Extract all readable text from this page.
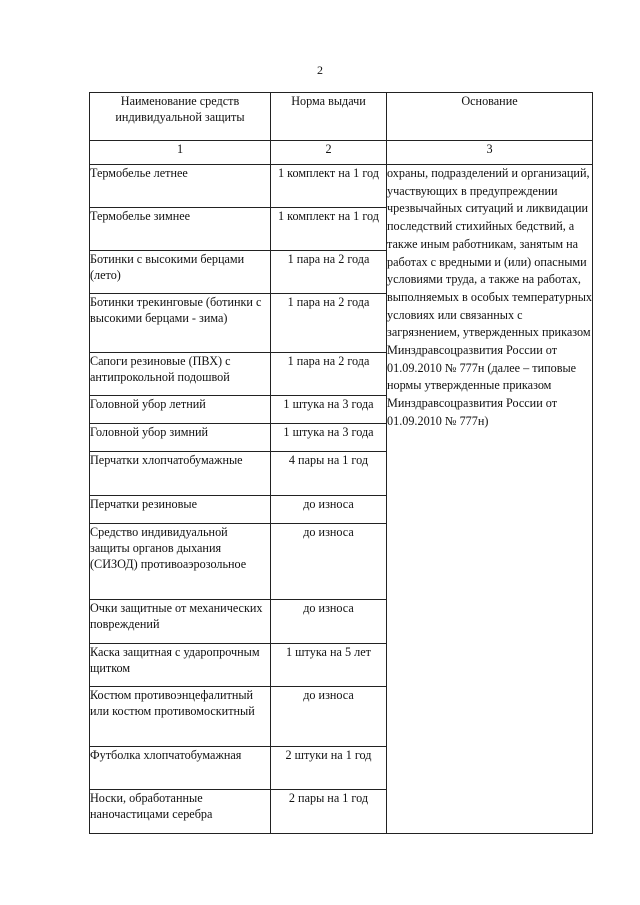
2
Наименование средств индивидуальной защиты	Норма выдачи	Основание

1	2	3
Термобелье летнее	1 комплект на 1 год	охраны, подразделений и организаций, участвующих в предупреждении чрезвычайных ситуаций и ликвидации последствий стихийных бедствий, а также иным работникам, занятым на работах с вредными и (или) опасными условиями труда, а также на работах, выполняемых в особых температурных условиях или связанных с загрязнением, утвержденных приказом Минздравсоцразвития России от 01.09.2010 № 777н (далее – типовые нормы утвержденные приказом Минздравсоцразвития России от 01.09.2010 № 777н)
Термобелье зимнее	1 комплект на 1 год	
Ботинки с высокими берцами (лето)	1 пара на 2 года	
Ботинки трекинговые (ботинки с высокими берцами - зима)	1 пара на 2 года	
Сапоги резиновые (ПВХ) с антипрокольной подошвой	1 пара на 2 года	
Головной убор летний	1 штука на 3 года	
Головной убор зимний	1 штука на 3 года	
Перчатки хлопчатобумажные	4 пары на 1 год	
Перчатки резиновые	до износа	
Средство индивидуальной защиты органов дыхания (СИЗОД) противоаэрозольное	до износа	
Очки защитные от механических повреждений	до износа	
Каска защитная с ударопрочным щитком	1 штука на 5 лет	
Костюм противоэнцефалитный или костюм противомоскитный	до износа	
Футболка хлопчатобумажная	2 штуки на 1 год	
Носки, обработанные наночастицами серебра	2 пары на 1 год	
